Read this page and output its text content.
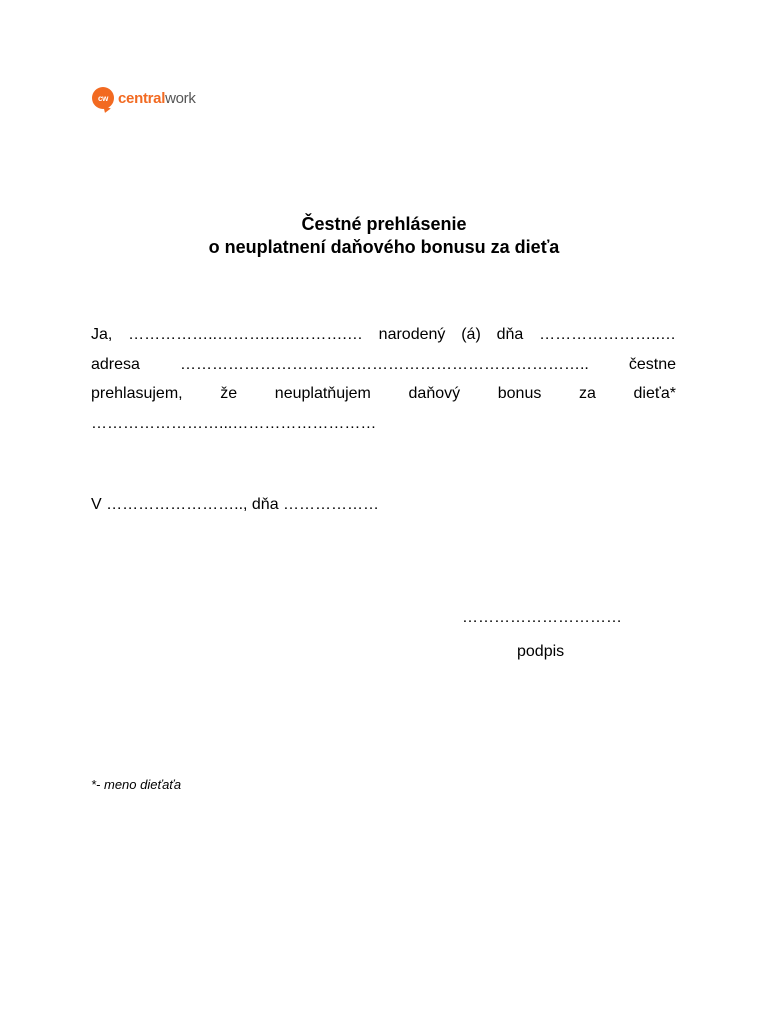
cw centralwork
Čestné prehlásenie
o neuplatnení daňového bonusu za dieťa
Ja, ……………..……….…..……….… narodený (á) dňa …………………..…
adresa	…………………………………………………………………..	čestne
prehlasujem, že neuplatňujem daňový bonus za dieťa*
……………………...………………………
V …………………….., dňa ………………
…………………………
podpis
*- meno dieťaťa
